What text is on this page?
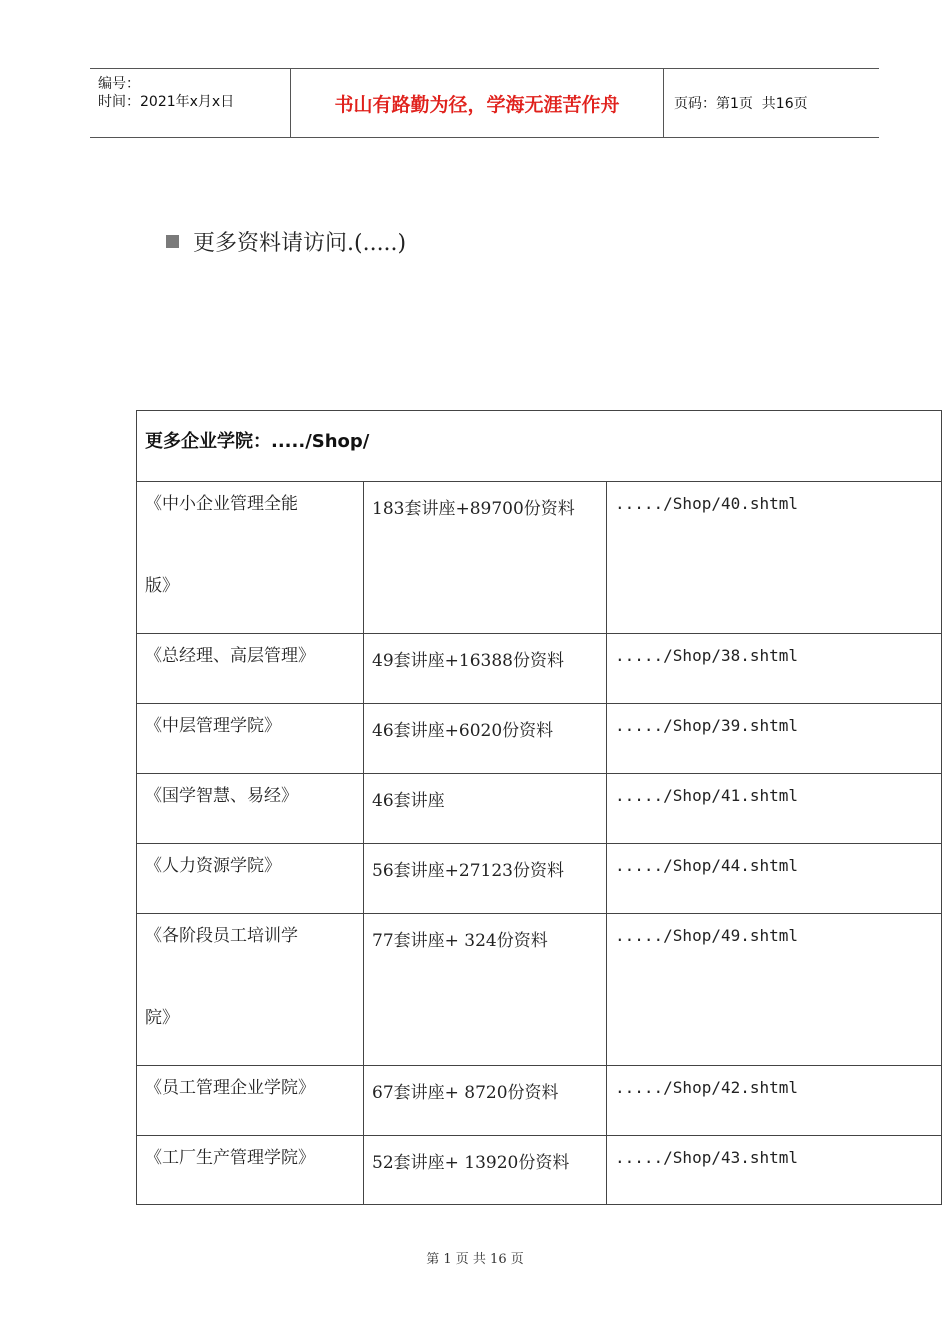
编号：
时间：2021年x月x日	书山有路勤为径，学海无涯苦作舟	页码：第1页  共16页
更多资料请访问.(.....)
更多企业学院：...../Shop/
《中小企业管理全能
版》
183套讲座+89700份资料	...../Shop/40.shtml
《总经理、高层管理》	49套讲座+16388份资料	...../Shop/38.shtml
《中层管理学院》	46套讲座+6020份资料	...../Shop/39.shtml
《国学智慧、易经》	46套讲座	...../Shop/41.shtml
《人力资源学院》	56套讲座+27123份资料	...../Shop/44.shtml
《各阶段员工培训学
院》
77套讲座+ 324份资料	...../Shop/49.shtml
《员工管理企业学院》	67套讲座+ 8720份资料	...../Shop/42.shtml
《工厂生产管理学院》	52套讲座+ 13920份资料	...../Shop/43.shtml
第 1 页 共 16 页
